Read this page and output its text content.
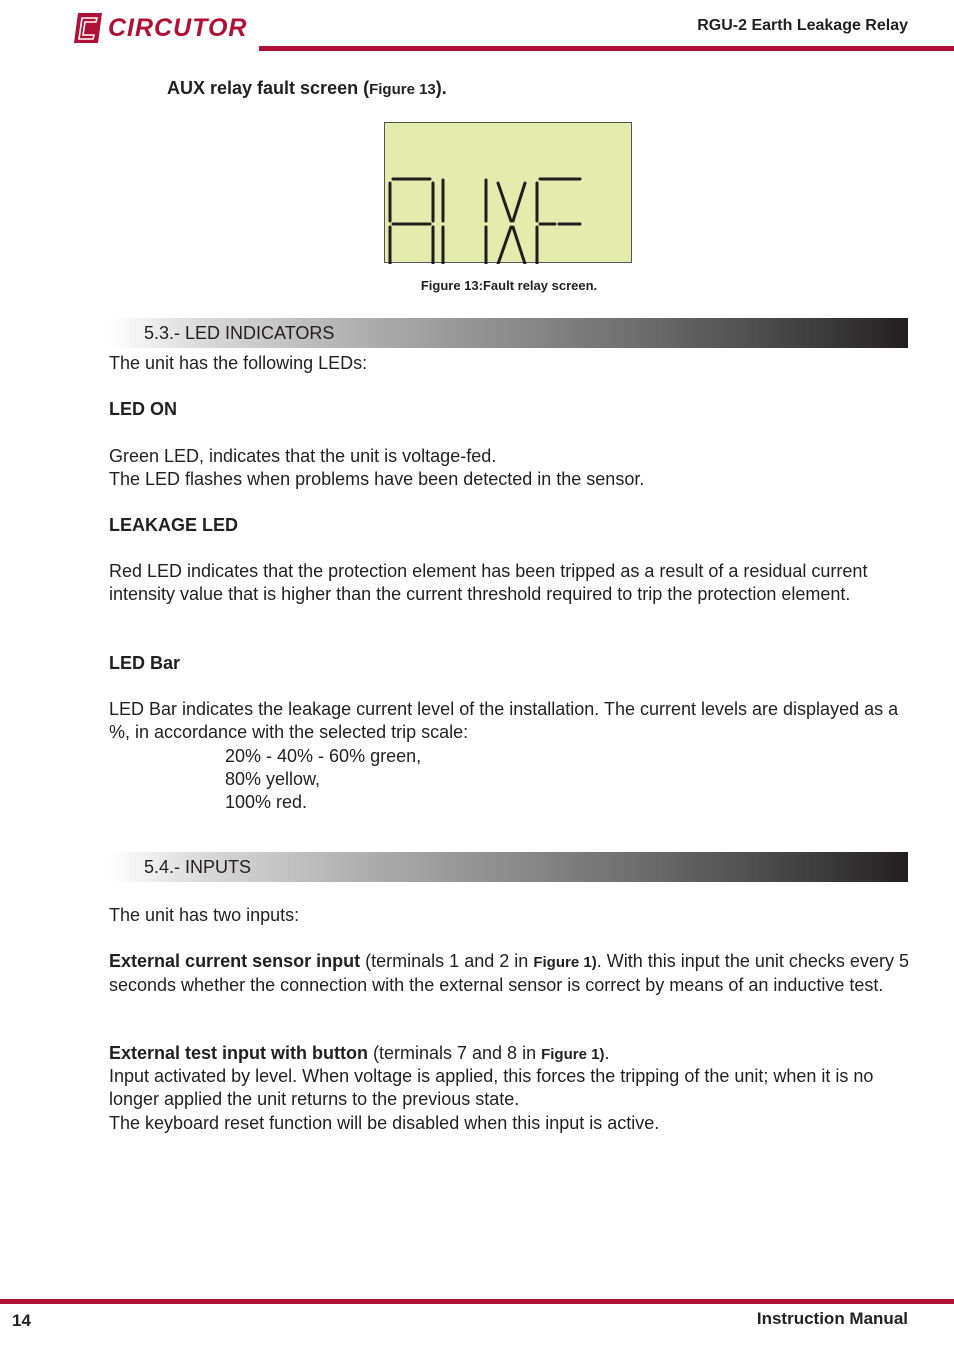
CIRCUTOR	RGU-2 Earth Leakage Relay
AUX relay fault screen (Figure 13).
Figure 13:Fault relay screen.
5.3.- LED INDICATORS
The unit has the following LEDs:
LED ON
Green LED, indicates that the unit is voltage-fed.
The LED flashes when problems have been detected in the sensor.
LEAKAGE LED
Red LED indicates that the protection element has been tripped as a result of a residual current intensity value that is higher than the current threshold required to trip the protection element.
LED Bar
LED Bar indicates the leakage current level of the installation. The current levels are displayed as a %, in accordance with the selected trip scale:
20% - 40% - 60% green,
80% yellow,
100% red.
5.4.- INPUTS
The unit has two inputs:
External current sensor input (terminals 1 and 2 in Figure 1). With this input the unit checks every 5 seconds whether the connection with the external sensor is correct by means of an inductive test.
External test input with button (terminals 7 and 8 in Figure 1).
Input activated by level. When voltage is applied, this forces the tripping of the unit; when it is no longer applied the unit returns to the previous state.
The keyboard reset function will be disabled when this input is active.
14	Instruction Manual
